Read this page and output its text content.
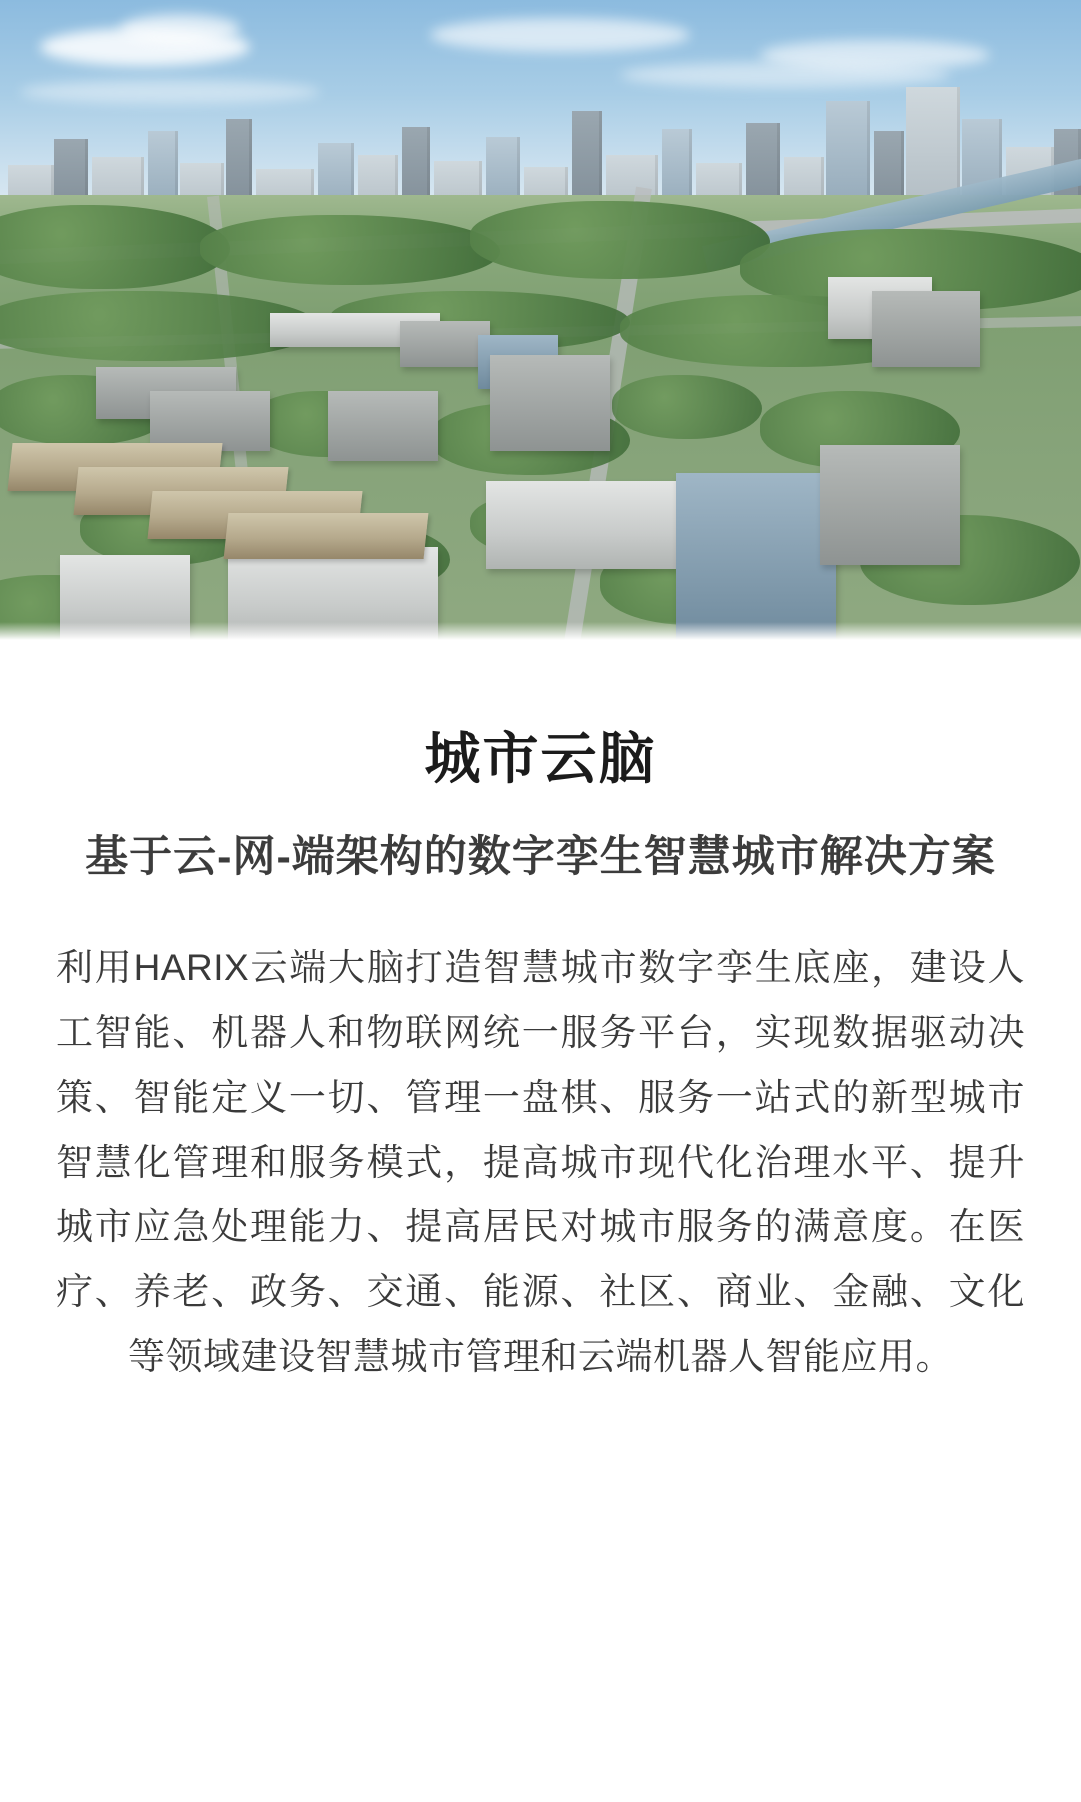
城市云脑
基于云-网-端架构的数字孪生智慧城市解决方案

利用HARIX云端大脑打造智慧城市数字孪生底座，建设人工智能、机器人和物联网统一服务平台，实现数据驱动决策、智能定义一切、管理一盘棋、服务一站式的新型城市智慧化管理和服务模式，提高城市现代化治理水平、提升城市应急处理能力、提高居民对城市服务的满意度。在医疗、养老、政务、交通、能源、社区、商业、金融、文化等领域建设智慧城市管理和云端机器人智能应用。
